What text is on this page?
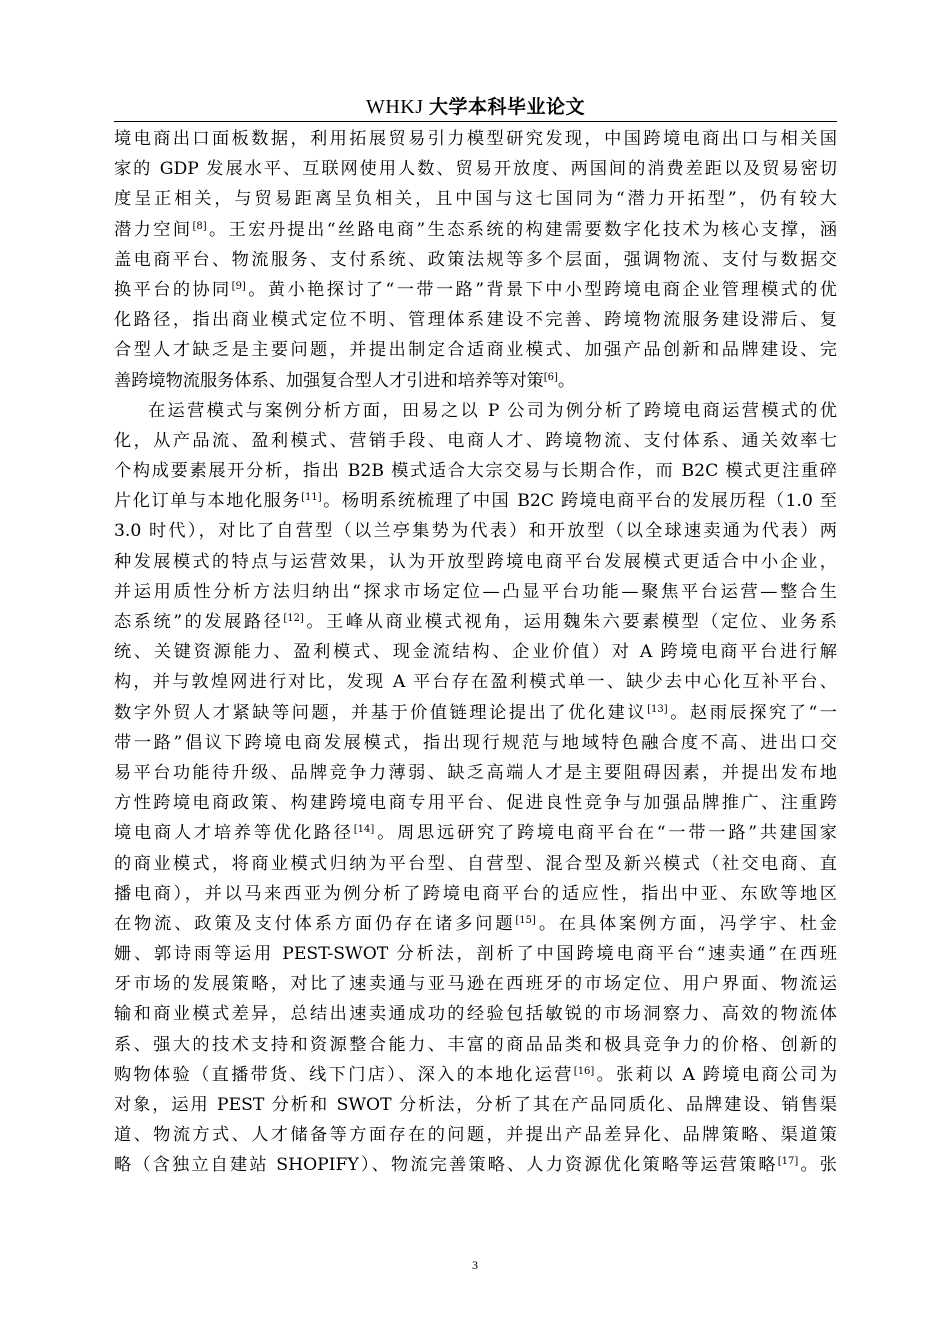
WHKJ 大学本科毕业论文
境电商出口面板数据，利用拓展贸易引力模型研究发现，中国跨境电商出口与相关国
家的 GDP 发展水平、互联网使用人数、贸易开放度、两国间的消费差距以及贸易密切
度呈正相关，与贸易距离呈负相关，且中国与这七国同为“潜力开拓型”，仍有较大
潜力空间[8]。王宏丹提出“丝路电商”生态系统的构建需要数字化技术为核心支撑，涵
盖电商平台、物流服务、支付系统、政策法规等多个层面，强调物流、支付与数据交
换平台的协同[9]。黄小艳探讨了“一带一路”背景下中小型跨境电商企业管理模式的优
化路径，指出商业模式定位不明、管理体系建设不完善、跨境物流服务建设滞后、复
合型人才缺乏是主要问题，并提出制定合适商业模式、加强产品创新和品牌建设、完
善跨境物流服务体系、加强复合型人才引进和培养等对策[6]。
在运营模式与案例分析方面，田易之以 P 公司为例分析了跨境电商运营模式的优
化，从产品流、盈利模式、营销手段、电商人才、跨境物流、支付体系、通关效率七
个构成要素展开分析，指出 B2B 模式适合大宗交易与长期合作，而 B2C 模式更注重碎
片化订单与本地化服务[11]。杨明系统梳理了中国 B2C 跨境电商平台的发展历程（1.0 至
3.0 时代），对比了自营型（以兰亭集势为代表）和开放型（以全球速卖通为代表）两
种发展模式的特点与运营效果，认为开放型跨境电商平台发展模式更适合中小企业，
并运用质性分析方法归纳出“探求市场定位—凸显平台功能—聚焦平台运营—整合生
态系统”的发展路径[12]。王峰从商业模式视角，运用魏朱六要素模型（定位、业务系
统、关键资源能力、盈利模式、现金流结构、企业价值）对 A 跨境电商平台进行解
构，并与敦煌网进行对比，发现 A 平台存在盈利模式单一、缺少去中心化互补平台、
数字外贸人才紧缺等问题，并基于价值链理论提出了优化建议[13]。赵雨辰探究了“一
带一路”倡议下跨境电商发展模式，指出现行规范与地域特色融合度不高、进出口交
易平台功能待升级、品牌竞争力薄弱、缺乏高端人才是主要阻碍因素，并提出发布地
方性跨境电商政策、构建跨境电商专用平台、促进良性竞争与加强品牌推广、注重跨
境电商人才培养等优化路径[14]。周思远研究了跨境电商平台在“一带一路”共建国家
的商业模式，将商业模式归纳为平台型、自营型、混合型及新兴模式（社交电商、直
播电商），并以马来西亚为例分析了跨境电商平台的适应性，指出中亚、东欧等地区
在物流、政策及支付体系方面仍存在诸多问题[15]。在具体案例方面，冯学宇、杜金
姗、郭诗雨等运用 PEST-SWOT 分析法，剖析了中国跨境电商平台“速卖通”在西班
牙市场的发展策略，对比了速卖通与亚马逊在西班牙的市场定位、用户界面、物流运
输和商业模式差异，总结出速卖通成功的经验包括敏锐的市场洞察力、高效的物流体
系、强大的技术支持和资源整合能力、丰富的商品品类和极具竞争力的价格、创新的
购物体验（直播带货、线下门店）、深入的本地化运营[16]。张莉以 A 跨境电商公司为
对象，运用 PEST 分析和 SWOT 分析法，分析了其在产品同质化、品牌建设、销售渠
道、物流方式、人才储备等方面存在的问题，并提出产品差异化、品牌策略、渠道策
略（含独立自建站 SHOPIFY）、物流完善策略、人力资源优化策略等运营策略[17]。张
3
